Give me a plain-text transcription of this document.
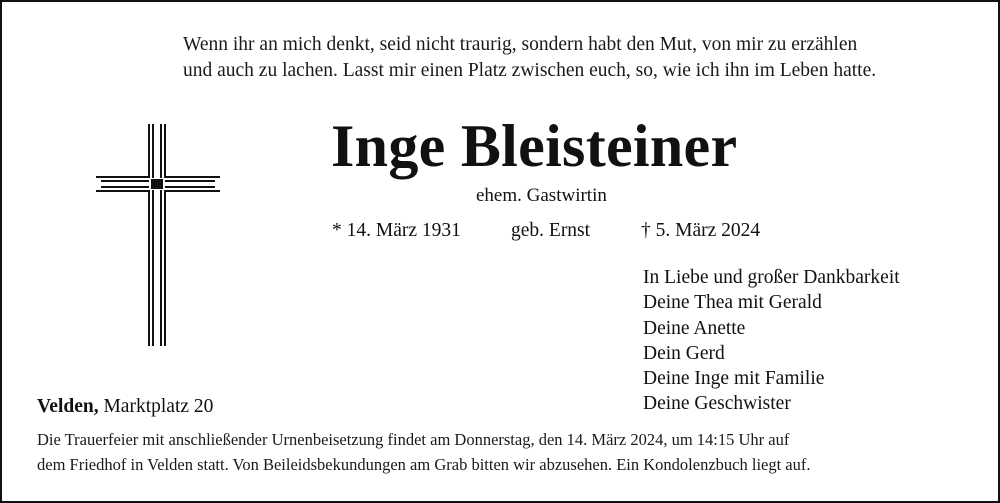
Wenn ihr an mich denkt, seid nicht traurig, sondern habt den Mut, von mir zu erzählen
und auch zu lachen. Lasst mir einen Platz zwischen euch, so, wie ich ihn im Leben hatte.
Inge Bleisteiner
ehem. Gastwirtin
* 14. März 1931	geb. Ernst	† 5. März 2024
In Liebe und großer Dankbarkeit
Deine Thea mit Gerald
Deine Anette
Dein Gerd
Deine Inge mit Familie
Deine Geschwister
Velden, Marktplatz 20
Die Trauerfeier mit anschließender Urnenbeisetzung findet am Donnerstag, den 14. März 2024, um 14:15 Uhr auf
dem Friedhof in Velden statt. Von Beileidsbekundungen am Grab bitten wir abzusehen. Ein Kondolenzbuch liegt auf.
